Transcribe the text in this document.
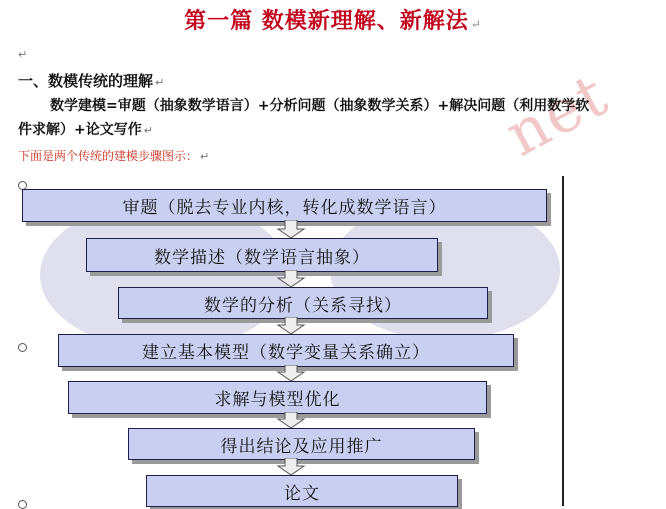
net
第一篇 数模新理解、新解法 ↵
↵
一、数模传统的理解 ↵
数学建模=审题（抽象数学语言）+分析问题（抽象数学关系）+解决问题（利用数学软
件求解）+论文写作 ↵
下面是两个传统的建模步骤图示： ↵
审题（脱去专业内核，转化成数学语言）
数学描述（数学语言抽象）
数学的分析（关系寻找）
建立基本模型（数学变量关系确立）
求解与模型优化
得出结论及应用推广
论文
